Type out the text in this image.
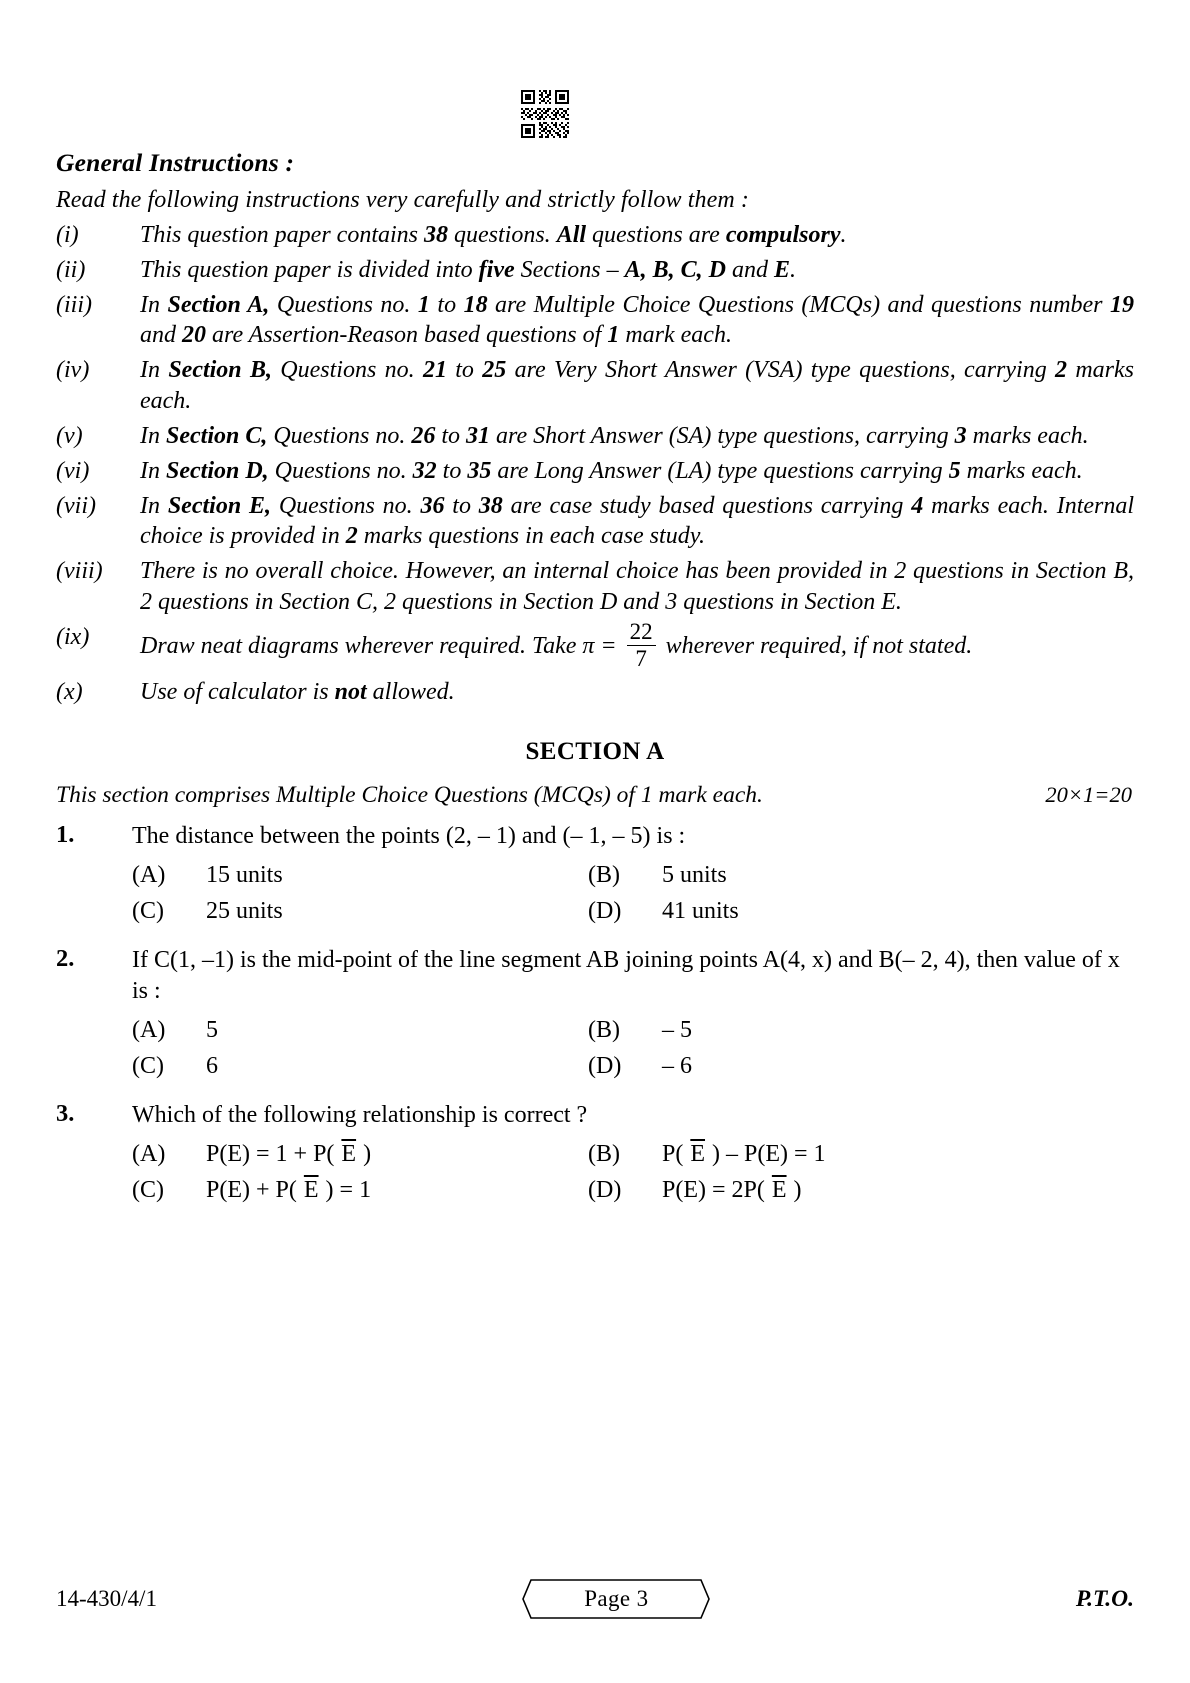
General Instructions :
Read the following instructions very carefully and strictly follow them :
(i)	This question paper contains 38 questions. All questions are compulsory.
(ii)	This question paper is divided into five Sections – A, B, C, D and E.
(iii)	In Section A, Questions no. 1 to 18 are Multiple Choice Questions (MCQs) and questions number 19 and 20 are Assertion-Reason based questions of 1 mark each.
(iv)	In Section B, Questions no. 21 to 25 are Very Short Answer (VSA) type questions, carrying 2 marks each.
(v)	In Section C, Questions no. 26 to 31 are Short Answer (SA) type questions, carrying 3 marks each.
(vi)	In Section D, Questions no. 32 to 35 are Long Answer (LA) type questions carrying 5 marks each.
(vii)	In Section E, Questions no. 36 to 38 are case study based questions carrying 4 marks each. Internal choice is provided in 2 marks questions in each case study.
(viii)	There is no overall choice. However, an internal choice has been provided in 2 questions in Section B, 2 questions in Section C, 2 questions in Section D and 3 questions in Section E.
(ix)	Draw neat diagrams wherever required. Take $\pi = \frac{22}{7}$ wherever required, if not stated.
(x)	Use of calculator is not allowed.
SECTION A
This section comprises Multiple Choice Questions (MCQs) of 1 mark each.	20×1=20
1.	The distance between the points (2, – 1) and (– 1, – 5) is :
(A)	15 units	(B)	5 units
(C)	25 units	(D)	41 units
2.	If C(1, –1) is the mid-point of the line segment AB joining points A(4, x) and B(– 2, 4), then value of x is :
(A)	5	(B)	– 5
(C)	6	(D)	– 6
3.	Which of the following relationship is correct ?
(A)	P(E) = 1 + P( $\overline{E}$ )	(B)	P( $\overline{E}$ ) – P(E) = 1
(C)	P(E) + P( $\overline{E}$ ) = 1	(D)	P(E) = 2P( $\overline{E}$ )
14-430/4/1	Page 3	P.T.O.
